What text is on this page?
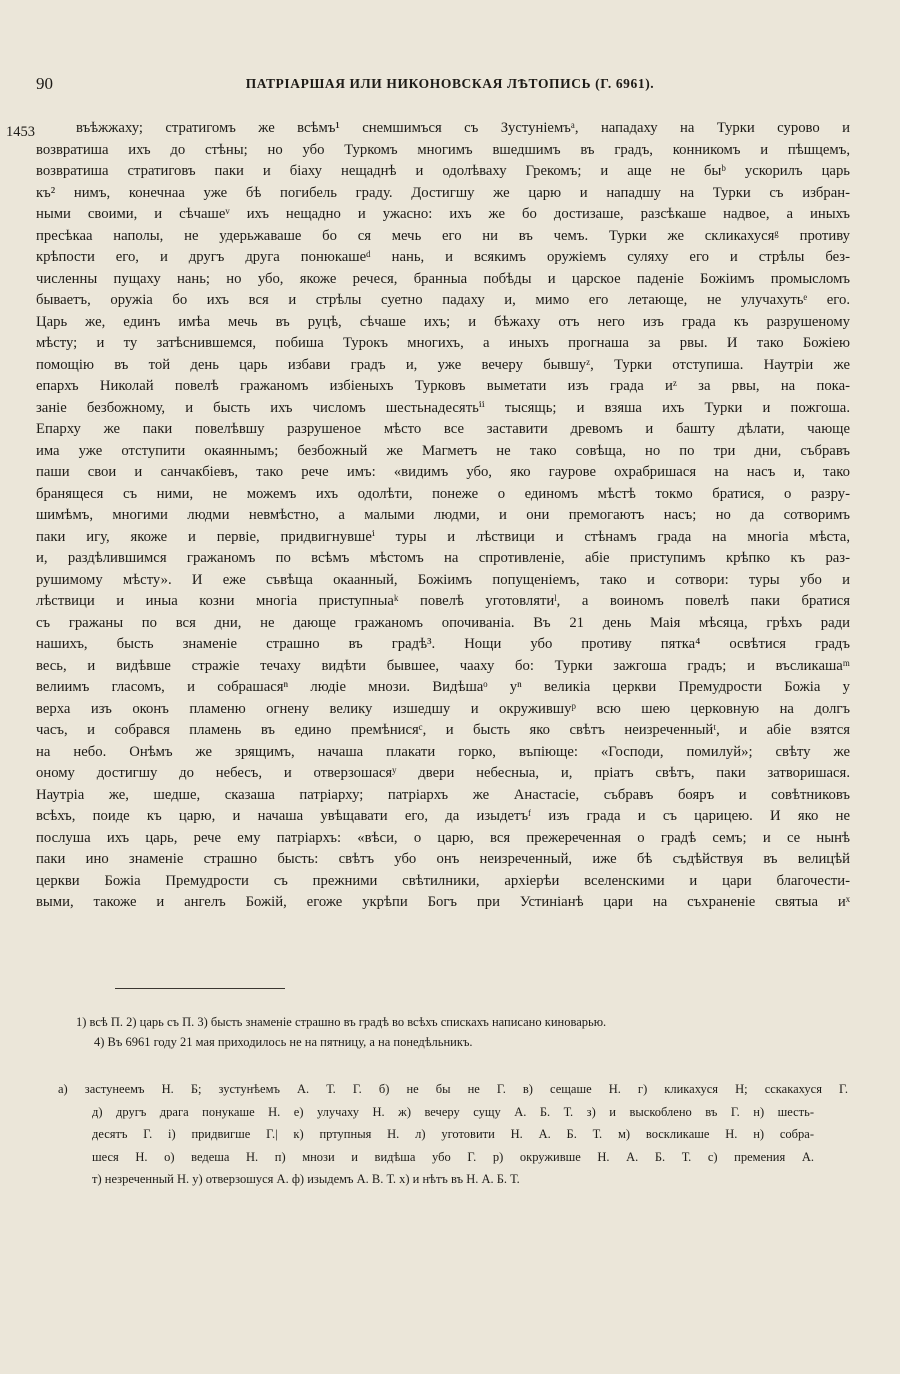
90	ПАТРІАРШАЯ ИЛИ НИКОНОВСКАЯ ЛѢТОПИСЬ (Г. 6961).
1453	въѣжжаху; стратигомъ же всѣмъ¹ снемшимъся съ Зустуніемъᵃ, нападаху на Турки сурово и
возвратиша ихъ до стѣны; но убо Туркомъ многимъ вшедшимъ въ градъ, конникомъ и пѣшцемъ,
возвратиша стратиговъ паки и біаху нещаднѣ и одолѣваху Грекомъ; и аще не быᵇ ускорилъ царь
къ² нимъ, конечнаа уже бѣ погибель граду. Достигшу же царю и нападшу на Турки съ избран-
ными своими, и сѣчашеᵛ ихъ нещадно и ужасно: ихъ же бо достизаше, разсѣкаше надвое, а иныхъ
пресѣкаа наполы, не удерьжаваше бо ся мечь его ни въ чемъ. Турки же скликахусяᵍ противу
крѣпости его, и другъ друга понюкашеᵈ нань, и всякимъ оружіемъ суляху его и стрѣлы без-
численны пущаху нань; но убо, якоже речеся, бранныа побѣды и царское паденіе Божіимъ промысломъ
бываетъ, оружіа бо ихъ вся и стрѣлы суетно падаху и, мимо его летающе, не улучахутьᵉ его.
Царь же, единъ имѣа мечь въ руцѣ, сѣчаше ихъ; и бѣжаху отъ него изъ града къ разрушеному
мѣсту; и ту затѣснившемся, побиша Турокъ многихъ, а иныхъ прогнаша за рвы. И тако Божіею
помощію въ той день царь избави градъ и, уже вечеру бывшуᶻ, Турки отступиша. Наутріи же
епархъ Николай повелѣ гражаномъ избіеныхъ Турковъ выметати изъ града иᶻ за рвы, на пока-
заніе безбожному, и бысть ихъ числомъ шестьнадесятьⁱⁱ тысящь; и взяша ихъ Турки и пожгоша.
Епарху же паки повелѣвшу разрушеное мѣсто все заставити древомъ и башту дѣлати, чающе
има уже отступити окаяннымъ; безбожный же Магметъ не тако совѣща, но по три дни, събравъ
паши свои и санчакбіевъ, тако рече имъ: «видимъ убо, яко гаурове охрабришася на насъ и, тако
бранящеся съ ними, не можемъ ихъ одолѣти, понеже о единомъ мѣстѣ токмо братися, о разру-
шимѣмъ, многими людми невмѣстно, а малыми людми, и они премогаютъ насъ; но да сотворимъ
паки игу, якоже и первіе, придвигнувшеⁱ туры и лѣствици и стѣнамъ града на многіа мѣста,
и, раздѣлившимся гражаномъ по всѣмъ мѣстомъ на спротивленіе, абіе приступимъ крѣпко къ раз-
рушимому мѣсту». И еже съвѣща окаанный, Божіимъ попущеніемъ, тако и сотвори: туры убо и
лѣствици и иныа козни многіа приступныаᵏ повелѣ уготовлятиˡ, а воиномъ повелѣ паки братися
съ гражаны по вся дни, не дающе гражаномъ опочиваніа. Въ 21 день Маія мѣсяца, грѣхъ ради
нашихъ, бысть знаменіе страшно въ градѣ³. Нощи убо противу пятка⁴ освѣтися градъ
весь, и видѣвше стражіе течаху видѣти бывшее, чааху бо: Турки зажгоша градъ; и въсликашаᵐ
велиимъ гласомъ, и собрашасяⁿ людіе мнози. Видѣшаᵒ уⁿ великіа церкви Премудрости Божіа у
верха изъ оконъ пламеню огнену велику изшедшу и окружившуᵖ всю шею церковную на долгъ
часъ, и собрався пламень въ едино премѣнисяᶜ, и бысть яко свѣтъ неизреченныйᵗ, и абіе взятся
на небо. Онѣмъ же зрящимъ, начаша плакати горко, въпіюще: «Господи, помилуй»; свѣту же
оному достигшу до небесъ, и отверзошасяʸ двери небесныа, и, пріатъ свѣтъ, паки затворишася.
Наутріа же, шедше, сказаша патріарху; патріархъ же Анастасіе, събравъ бояръ и совѣтниковъ
всѣхъ, поиде къ царю, и начаша увѣщавати его, да изыдетъᶠ изъ града и съ царицею. И яко не
послуша ихъ царь, рече ему патріархъ: «вѣси, о царю, вся прежереченная о градѣ семъ; и се нынѣ
паки ино знаменіе страшно бысть: свѣтъ убо онъ неизреченный, иже бѣ съдѣйствуя въ велицѣй
церкви Божіа Премудрости съ прежними свѣтилники, архіерѣи вселенскими и цари благочести-
выми, такоже и ангелъ Божій, егоже укрѣпи Богъ при Устиніанѣ цари на съхраненіе святыа иˣ
1) всѣ П. 2) царь съ П. 3) бысть знаменіе страшно въ градѣ во всѣхъ спискахъ написано киноварью.
4) Въ 6961 году 21 мая приходилось не на пятницу, а на понедѣльникъ.
а) застунеемъ Н. Б; зустунѣемъ А. Т. Г. б) не бы не Г. в) сещаше Н. г) кликахуся Н; сскакахуся Г.
д) другъ драга понукаше Н. е) улучаху Н. ж) вечеру сущу А. Б. Т. з) и выскоблено въ Г. н) шесть-
десятъ Г. і) придвигше Г.| к) пртупныя Н. л) уготовити Н. А. Б. Т. м) воскликаше Н. н) собра-
шеся Н. о) ведеша Н. п) мнози и видѣша убо Г. р) окруживше Н. А. Б. Т. с) премения А.
т) незреченный Н. у) отверзошуся А. ф) изыдемъ А. В. Т. х) и нѣтъ въ Н. А. Б. Т.
